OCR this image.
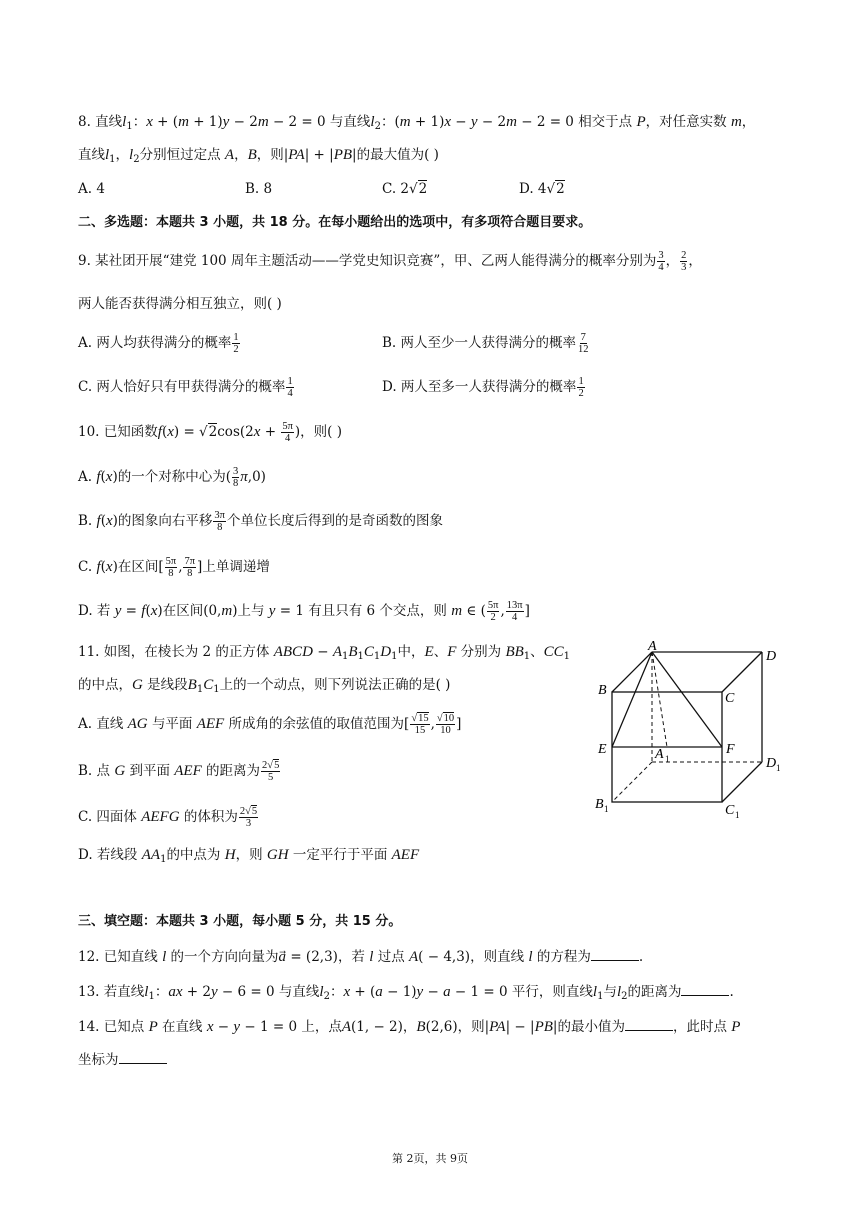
8. 直线$l_1$：x + (m + 1)y − 2m − 2 = 0 与直线$l_2$：(m + 1)x − y − 2m − 2 = 0 相交于点 P，对任意实数 m，
直线$l_1$，$l_2$分别恒过定点 A，B，则|PA| + |PB|的最大值为( )
A. 4	B. 8	C. 2√2	D. 4√2
二、多选题：本题共 3 小题，共 18 分。在每小题给出的选项中，有多项符合题目要求。
9. 某社团开展“建党 100 周年主题活动——学党史知识竞赛”，甲、乙两人能得满分的概率分别为 $\frac{3}{4}$ ， $\frac{2}{3}$ ，
两人能否获得满分相互独立，则( )
A. 两人均获得满分的概率 $\frac{1}{2}$	B. 两人至少一人获得满分的概率 $\frac{7}{12}$
C. 两人恰好只有甲获得满分的概率 $\frac{1}{4}$	D. 两人至多一人获得满分的概率 $\frac{1}{2}$
10. 已知函数$f(x) = √2\cos(2x + \frac{5\pi}{4}$ )，则( )
A. f(x)的一个对称中心为( $\frac{3}{8} \pi,0$)
B. f(x)的图象向右平移 $\frac{3\pi}{8}$ 个单位长度后得到的是奇函数的图象
C. f(x)在区间[ $\frac{5\pi}{8}$ , $\frac{7\pi}{8}$ ]上单调递增
D. 若 y = f(x)在区间(0,m)上与 y = 1 有且只有 6 个交点，则 m ∈ ( $\frac{5\pi}{2}$ , $\frac{13\pi}{4}$ ]
11. 如图，在棱长为 2 的正方体 ABCD − $A_1B_1C_1D_1$中，E、F 分别为 $BB_1$、$CC_1$
的中点，G 是线段$B_1C_1$上的一个动点，则下列说法正确的是( )
A. 直线 AG 与平面 AEF 所成角的余弦值的取值范围为[ $\frac{√15}{15}$ , $\frac{√10}{10}$ ]
B. 点 G 到平面 AEF 的距离为 $\frac{2√5}{5}$
C. 四面体 AEFG 的体积为 $\frac{2√5}{3}$
D. 若线段 $AA_1$的中点为 H，则 GH 一定平行于平面 AEF
A
D
B
C
E	F
A 1	D 1
B 1	C 1
三、填空题：本题共 3 小题，每小题 5 分，共 15 分。
12. 已知直线 l 的一个方向向量为a⃗ = (2,3)，若 l 过点 A( − 4,3)，则直线 l 的方程为	.
13. 若直线$l_1$：ax + 2y − 6 = 0 与直线$l_2$：x + (a − 1)y − a − 1 = 0 平行，则直线$l_1$与$l_2$的距离为	.
14. 已知点 P 在直线 x − y − 1 = 0 上，点A(1, − 2)，B(2,6)，则|PA| − |PB|的最小值为	，此时点 P
坐标为
第 2页，共 9页
